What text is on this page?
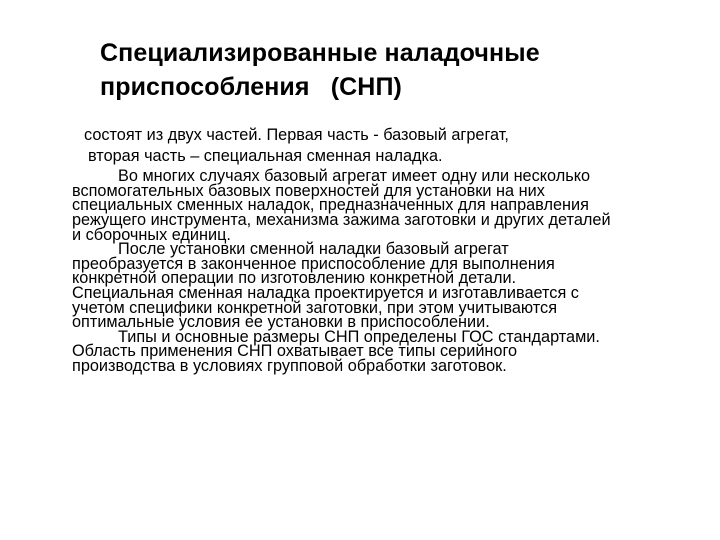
Специализированные наладочные
приспособления   (СНП)
состоят из двух частей. Первая часть - базовый агрегат,
вторая часть – специальная сменная наладка.
Во многих случаях базовый агрегат имеет одну или несколько
вспомогательных базовых поверхностей для установки на них
специальных сменных наладок, предназначенных для направления
режущего инструмента, механизма зажима заготовки и других деталей
и сборочных единиц.
После установки сменной наладки базовый агрегат
преобразуется в законченное приспособление для выполнения
конкретной операции по изготовлению конкретной детали.
Специальная сменная наладка проектируется и изготавливается с
учетом специфики конкретной заготовки, при этом учитываются
оптимальные условия ее установки в приспособлении.
Типы и основные размеры СНП определены ГОС стандартами.
Область применения СНП охватывает все типы серийного
производства в условиях групповой обработки заготовок.
